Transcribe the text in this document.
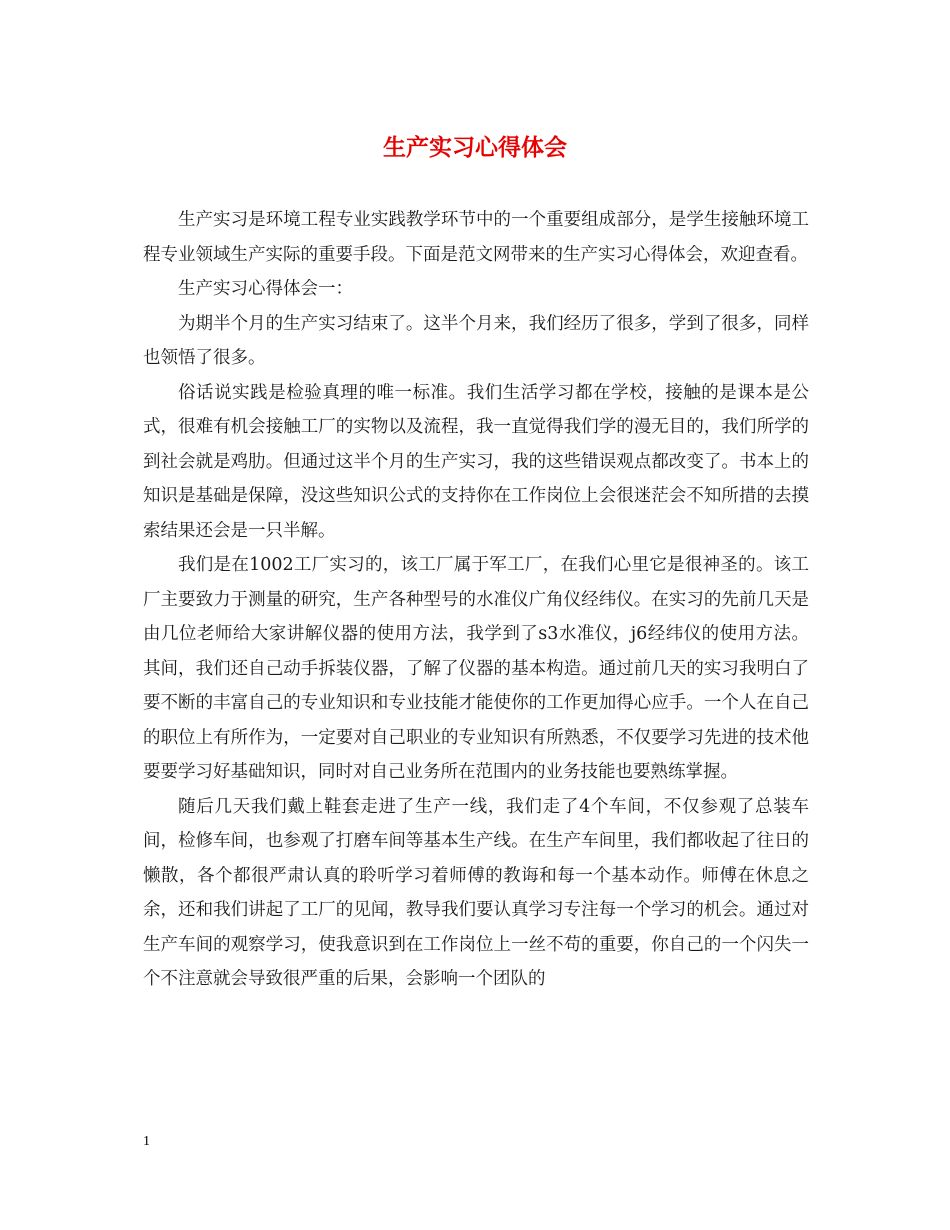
生产实习心得体会

生产实习是环境工程专业实践教学环节中的一个重要组成部分，是学生接触环境工程专业领域生产实际的重要手段。下面是范文网带来的生产实习心得体会，欢迎查看。

生产实习心得体会一：

为期半个月的生产实习结束了。这半个月来，我们经历了很多，学到了很多，同样也领悟了很多。

俗话说实践是检验真理的唯一标准。我们生活学习都在学校，接触的是课本是公式，很难有机会接触工厂的实物以及流程，我一直觉得我们学的漫无目的，我们所学的到社会就是鸡肋。但通过这半个月的生产实习，我的这些错误观点都改变了。书本上的知识是基础是保障，没这些知识公式的支持你在工作岗位上会很迷茫会不知所措的去摸索结果还会是一只半解。

我们是在1002工厂实习的，该工厂属于军工厂，在我们心里它是很神圣的。该工厂主要致力于测量的研究，生产各种型号的水准仪广角仪经纬仪。在实习的先前几天是由几位老师给大家讲解仪器的使用方法，我学到了s3水准仪，j6经纬仪的使用方法。其间，我们还自己动手拆装仪器，了解了仪器的基本构造。通过前几天的实习我明白了要不断的丰富自己的专业知识和专业技能才能使你的工作更加得心应手。一个人在自己的职位上有所作为，一定要对自己职业的专业知识有所熟悉，不仅要学习先进的技术他要要学习好基础知识，同时对自己业务所在范围内的业务技能也要熟练掌握。

随后几天我们戴上鞋套走进了生产一线，我们走了4个车间，不仅参观了总装车间，检修车间，也参观了打磨车间等基本生产线。在生产车间里，我们都收起了往日的懒散，各个都很严肃认真的聆听学习着师傅的教诲和每一个基本动作。师傅在休息之余，还和我们讲起了工厂的见闻，教导我们要认真学习专注每一个学习的机会。通过对生产车间的观察学习，使我意识到在工作岗位上一丝不苟的重要，你自己的一个闪失一个不注意就会导致很严重的后果，会影响一个团队的

1
